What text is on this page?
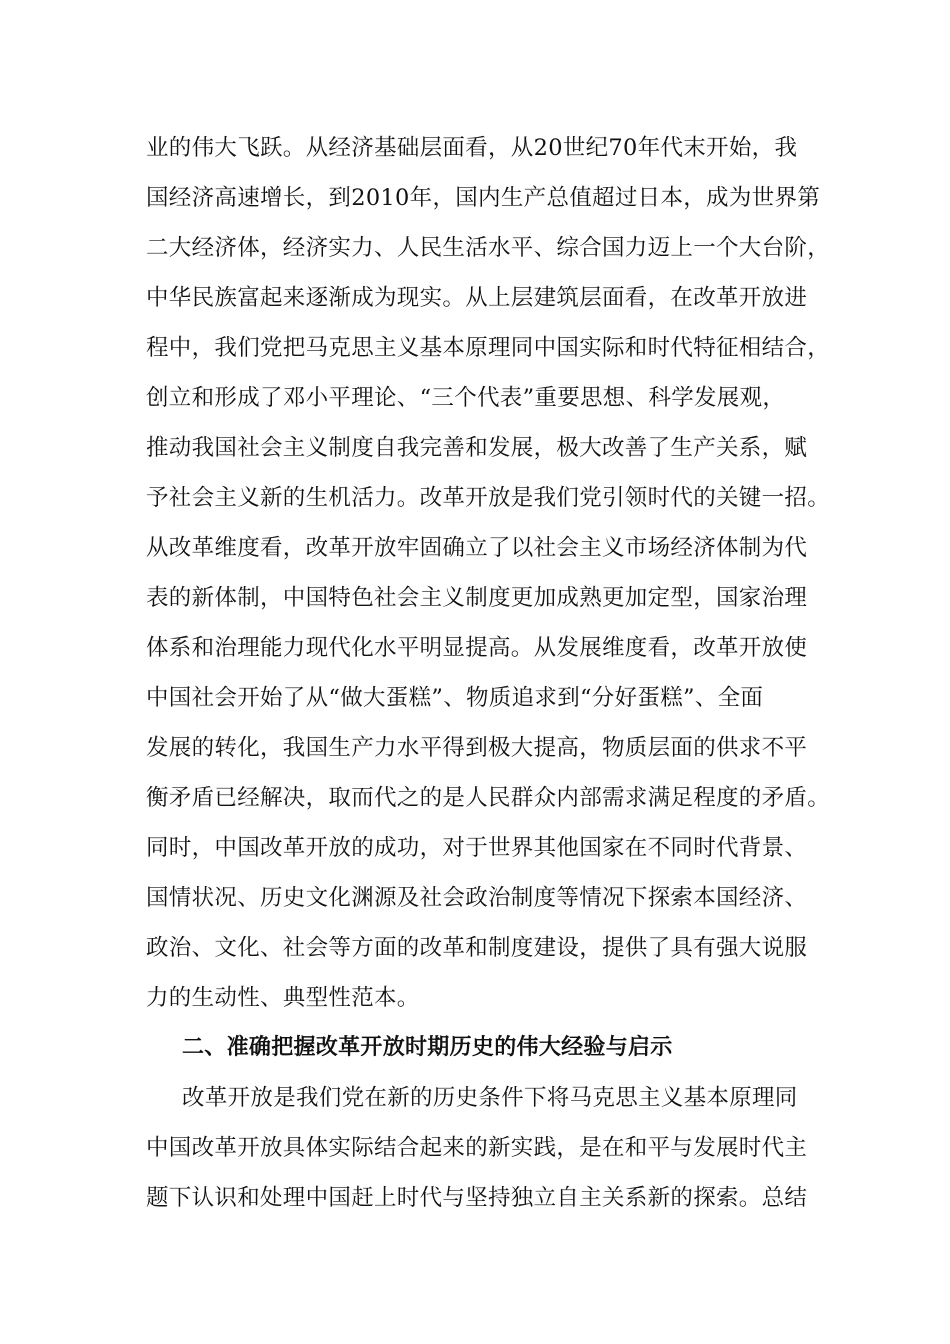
业的伟大飞跃。从经济基础层面看，从20世纪70年代末开始，我
国经济高速增长，到2010年，国内生产总值超过日本，成为世界第
二大经济体，经济实力、人民生活水平、综合国力迈上一个大台阶，
中华民族富起来逐渐成为现实。从上层建筑层面看，在改革开放进
程中，我们党把马克思主义基本原理同中国实际和时代特征相结合，
创立和形成了邓小平理论、“三个代表”重要思想、科学发展观，
推动我国社会主义制度自我完善和发展，极大改善了生产关系，赋
予社会主义新的生机活力。改革开放是我们党引领时代的关键一招。
从改革维度看，改革开放牢固确立了以社会主义市场经济体制为代
表的新体制，中国特色社会主义制度更加成熟更加定型，国家治理
体系和治理能力现代化水平明显提高。从发展维度看，改革开放使
中国社会开始了从“做大蛋糕”、物质追求到“分好蛋糕”、全面
发展的转化，我国生产力水平得到极大提高，物质层面的供求不平
衡矛盾已经解决，取而代之的是人民群众内部需求满足程度的矛盾。
同时，中国改革开放的成功，对于世界其他国家在不同时代背景、
国情状况、历史文化渊源及社会政治制度等情况下探索本国经济、
政治、文化、社会等方面的改革和制度建设，提供了具有强大说服
力的生动性、典型性范本。
二、准确把握改革开放时期历史的伟大经验与启示
改革开放是我们党在新的历史条件下将马克思主义基本原理同
中国改革开放具体实际结合起来的新实践，是在和平与发展时代主
题下认识和处理中国赶上时代与坚持独立自主关系新的探索。总结
